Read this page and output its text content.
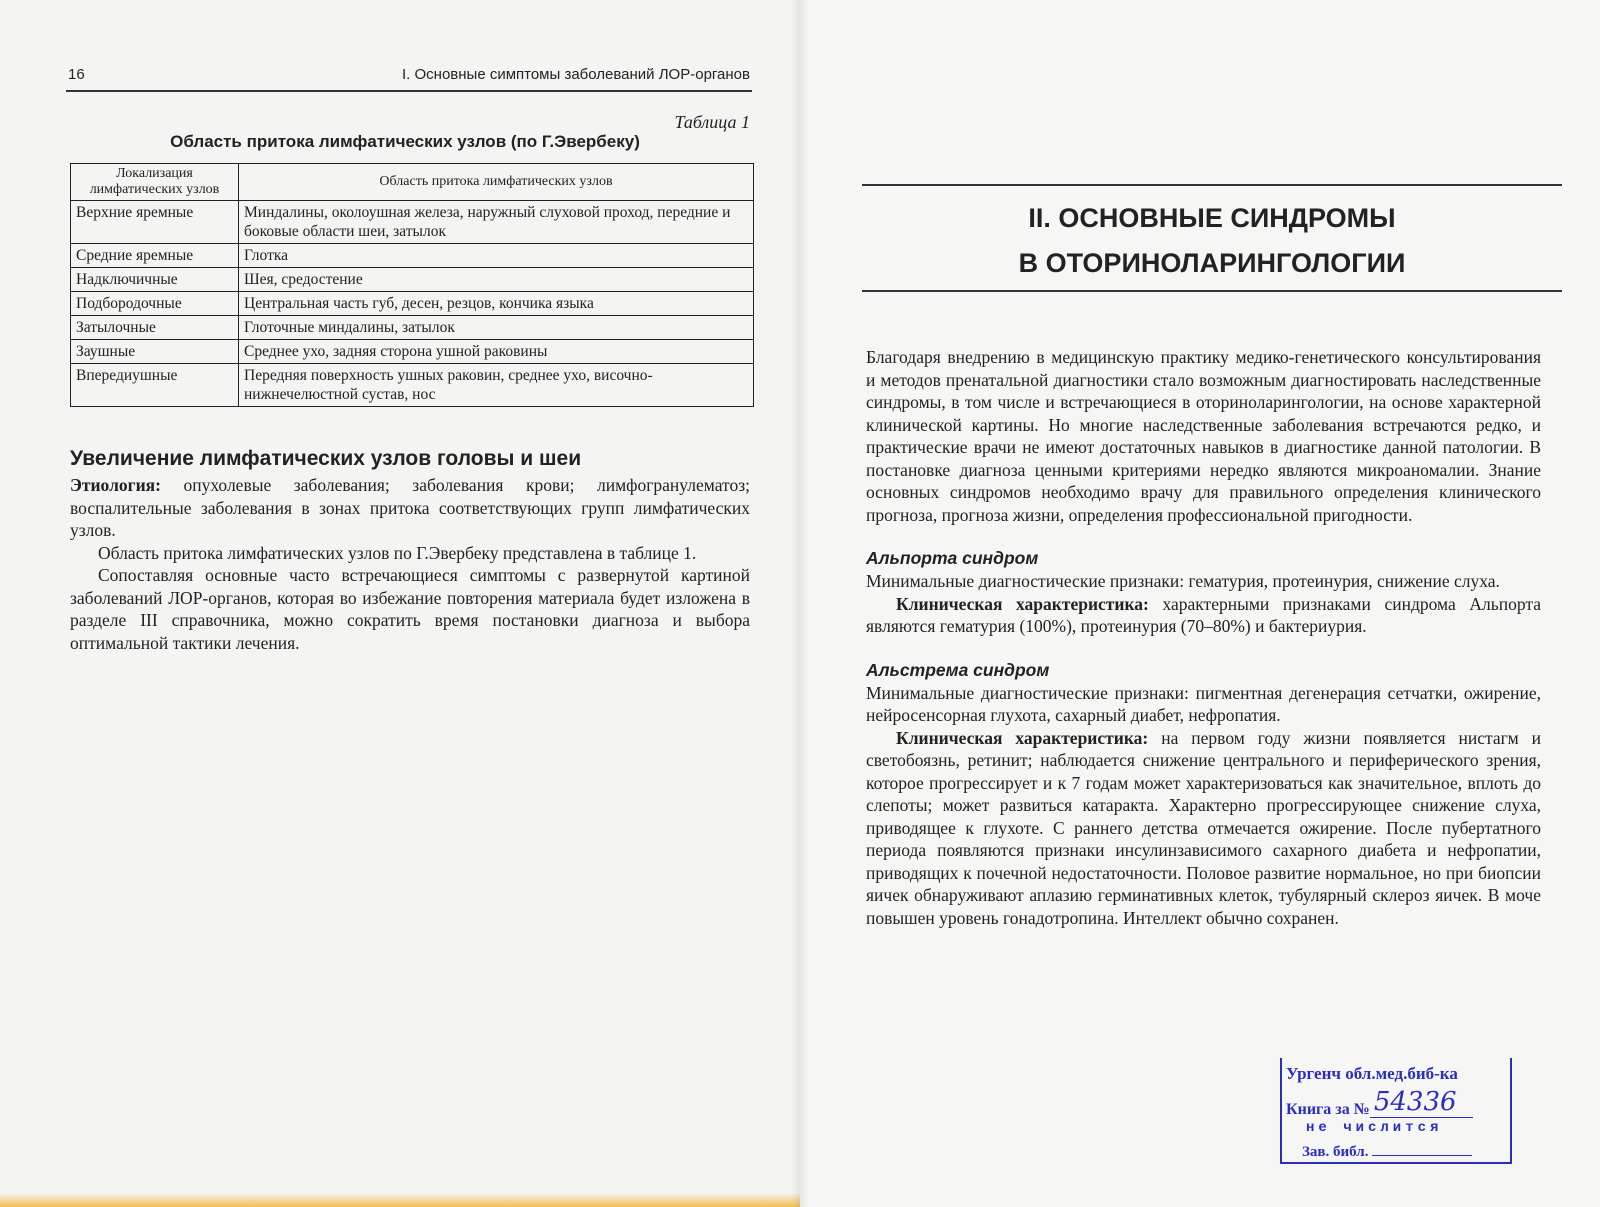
16	I. Основные симптомы заболеваний ЛОР-органов
Таблица 1
Область притока лимфатических узлов (по Г.Эвербеку)
Локализация лимфатических узлов	Область притока лимфатических узлов
Верхние яремные	Миндалины, околоушная железа, наружный слуховой проход, передние и боковые области шеи, затылок
Средние яремные	Глотка
Надключичные	Шея, средостение
Подбородочные	Центральная часть губ, десен, резцов, кончика языка
Затылочные	Глоточные миндалины, затылок
Заушные	Среднее ухо, задняя сторона ушной раковины
Впередиушные	Передняя поверхность ушных раковин, среднее ухо, височно-нижнечелюстной сустав, нос
Увеличение лимфатических узлов головы и шеи

Этиология: опухолевые заболевания; заболевания крови; лимфогранулематоз; воспалительные заболевания в зонах притока соответствующих групп лимфатических узлов.

Область притока лимфатических узлов по Г.Эвербеку представлена в таблице 1.

Сопоставляя основные часто встречающиеся симптомы с развернутой картиной заболеваний ЛОР-органов, которая во избежание повторения материала будет изложена в разделе III справочника, можно сократить время постановки диагноза и выбора оптимальной тактики лечения.

II. ОСНОВНЫЕ СИНДРОМЫ
В ОТОРИНОЛАРИНГОЛОГИИ

Благодаря внедрению в медицинскую практику медико-генетического консультирования и методов пренатальной диагностики стало возможным диагностировать наследственные синдромы, в том числе и встречающиеся в оториноларингологии, на основе характерной клинической картины. Но многие наследственные заболевания встречаются редко, и практические врачи не имеют достаточных навыков в диагностике данной патологии. В постановке диагноза ценными критериями нередко являются микроаномалии. Знание основных синдромов необходимо врачу для правильного определения клинического прогноза, прогноза жизни, определения профессиональной пригодности.

Альпорта синдром

Минимальные диагностические признаки: гематурия, протеинурия, снижение слуха.

Клиническая характеристика: характерными признаками синдрома Альпорта являются гематурия (100%), протеинурия (70–80%) и бактериурия.

Альстрема синдром

Минимальные диагностические признаки: пигментная дегенерация сетчатки, ожирение, нейросенсорная глухота, сахарный диабет, нефропатия.

Клиническая характеристика: на первом году жизни появляется нистагм и светобоязнь, ретинит; наблюдается снижение центрального и периферического зрения, которое прогрессирует и к 7 годам может характеризоваться как значительное, вплоть до слепоты; может развиться катаракта. Характерно прогрессирующее снижение слуха, приводящее к глухоте. С раннего детства отмечается ожирение. После пубертатного периода появляются признаки инсулинзависимого сахарного диабета и нефропатии, приводящих к почечной недостаточности. Половое развитие нормальное, но при биопсии яичек обнаруживают аплазию герминативных клеток, тубулярный склероз яичек. В моче повышен уровень гонадотропина. Интеллект обычно сохранен.

Ургенч обл.мед.биб-ка
Книга за № 54336
не числится
Зав. библ.
